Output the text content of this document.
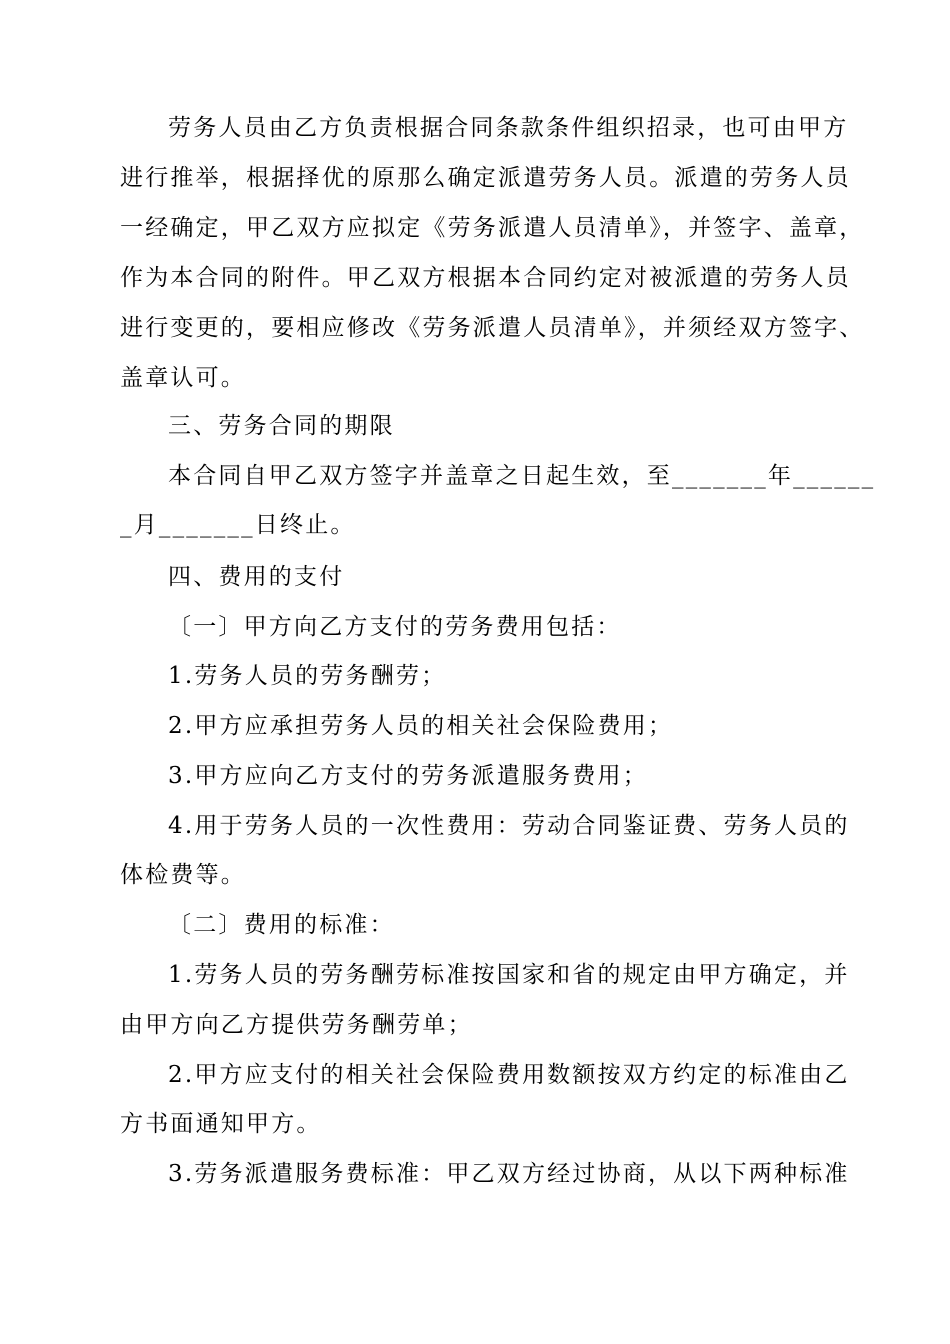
劳务人员由乙方负责根据合同条款条件组织招录，也可由甲方
进行推举，根据择优的原那么确定派遣劳务人员。派遣的劳务人员
一经确定，甲乙双方应拟定《劳务派遣人员清单》，并签字、盖章，
作为本合同的附件。甲乙双方根据本合同约定对被派遣的劳务人员
进行变更的，要相应修改《劳务派遣人员清单》，并须经双方签字、
盖章认可。
三、劳务合同的期限
本合同自甲乙双方签字并盖章之日起生效，至_______年______
_月_______日终止。
四、费用的支付
〔一〕甲方向乙方支付的劳务费用包括：
1.劳务人员的劳务酬劳；
2.甲方应承担劳务人员的相关社会保险费用；
3.甲方应向乙方支付的劳务派遣服务费用；
4.用于劳务人员的一次性费用：劳动合同鉴证费、劳务人员的
体检费等。
〔二〕费用的标准：
1.劳务人员的劳务酬劳标准按国家和省的规定由甲方确定，并
由甲方向乙方提供劳务酬劳单；
2.甲方应支付的相关社会保险费用数额按双方约定的标准由乙
方书面通知甲方。
3.劳务派遣服务费标准：甲乙双方经过协商，从以下两种标准
